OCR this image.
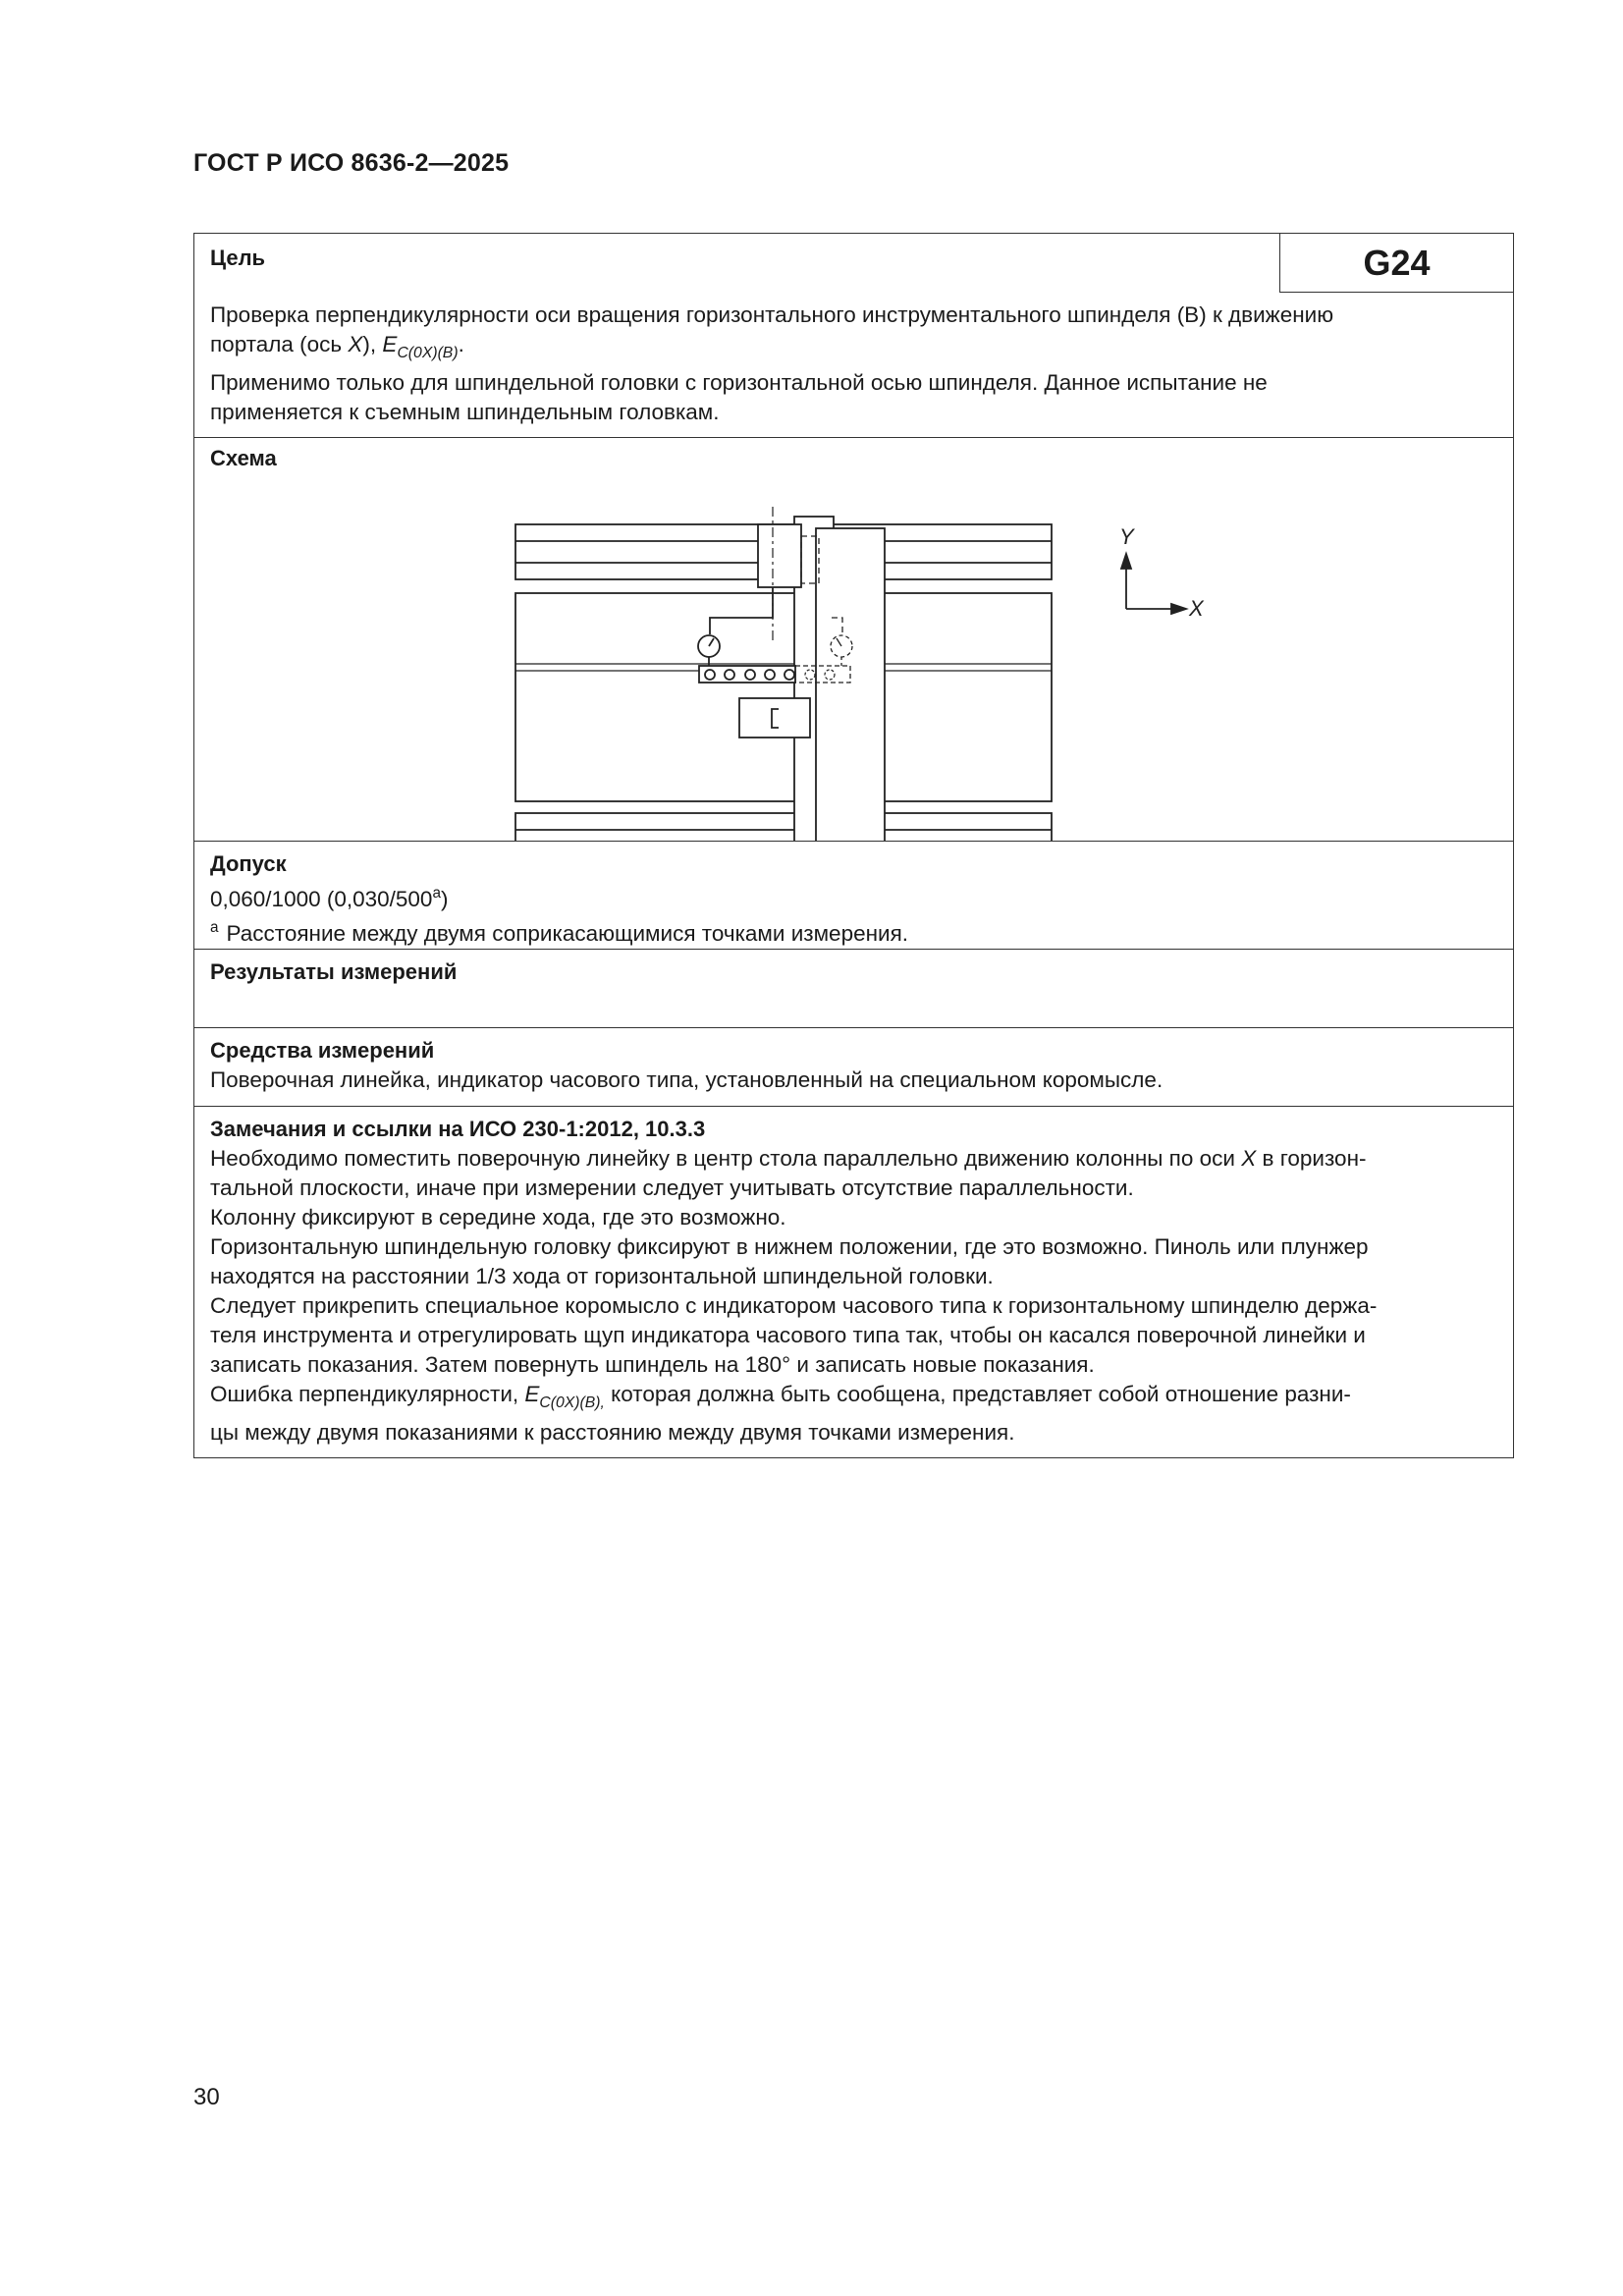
ГОСТ Р ИСО 8636-2—2025
Цель	G24
Проверка перпендикулярности оси вращения горизонтального инструментального шпинделя (B) к движению
портала (ось X), $E_{C(0X)(B)}$.
Применимо только для шпиндельной головки с горизонтальной осью шпинделя. Данное испытание не
применяется к съемным шпиндельным головкам.
Схема
Y
X
Допуск
0,060/1000 (0,030/500$^a$)
$^a$ Расстояние между двумя соприкасающимися точками измерения.
Результаты измерений
Средства измерений
Поверочная линейка, индикатор часового типа, установленный на специальном коромысле.
Замечания и ссылки на ИСО 230-1:2012, 10.3.3
Необходимо поместить поверочную линейку в центр стола параллельно движению колонны по оси X в горизон-
тальной плоскости, иначе при измерении следует учитывать отсутствие параллельности.
Колонну фиксируют в середине хода, где это возможно.
Горизонтальную шпиндельную головку фиксируют в нижнем положении, где это возможно. Пиноль или плунжер
находятся на расстоянии 1/3 хода от горизонтальной шпиндельной головки.
Следует прикрепить специальное коромысло с индикатором часового типа к горизонтальному шпинделю держа-
теля инструмента и отрегулировать щуп индикатора часового типа так, чтобы он касался поверочной линейки и
записать показания. Затем повернуть шпиндель на 180° и записать новые показания.
Ошибка перпендикулярности, $E_{C(0X)(B),}$ которая должна быть сообщена, представляет собой отношение разни-
цы между двумя показаниями к расстоянию между двумя точками измерения.
30
